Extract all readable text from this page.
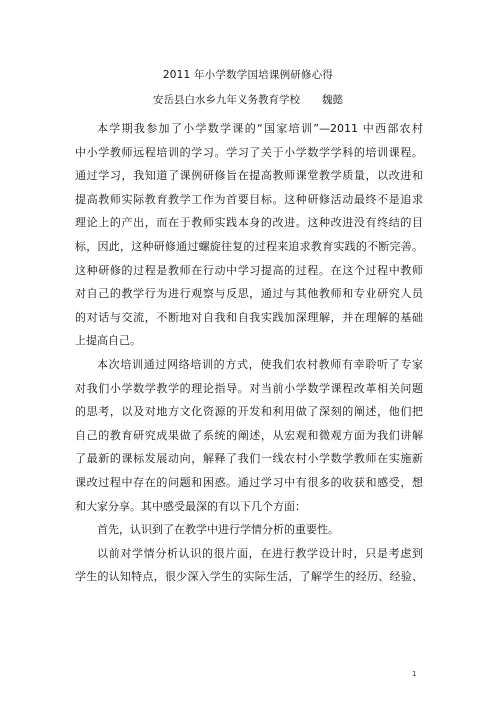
2011 年小学数学国培课例研修心得
安岳县白水乡九年义务教育学校 魏懿
本学期我参加了小学数学课的“国家培训”—2011 中西部农村
中小学教师远程培训的学习。学习了关于小学数学学科的培训课程。
通过学习，我知道了课例研修旨在提高教师课堂教学质量，以改进和
提高教师实际教育教学工作为首要目标。这种研修活动最终不是追求
理论上的产出，而在于教师实践本身的改进。这种改进没有终结的目
标，因此，这种研修通过螺旋往复的过程来追求教育实践的不断完善。
这种研修的过程是教师在行动中学习提高的过程。在这个过程中教师
对自己的教学行为进行观察与反思，通过与其他教师和专业研究人员
的对话与交流，不断地对自我和自我实践加深理解，并在理解的基础
上提高自己。
本次培训通过网络培训的方式，使我们农村教师有幸聆听了专家
对我们小学数学教学的理论指导。对当前小学数学课程改革相关问题
的思考，以及对地方文化资源的开发和利用做了深刻的阐述，他们把
自己的教育研究成果做了系统的阐述，从宏观和微观方面为我们讲解
了最新的课标发展动向，解释了我们一线农村小学数学教师在实施新
课改过程中存在的问题和困惑。通过学习中有很多的收获和感受，想
和大家分享。其中感受最深的有以下几个方面：
首先，认识到了在教学中进行学情分析的重要性。
以前对学情分析认识的很片面，在进行教学设计时，只是考虑到
学生的认知特点，很少深入学生的实际生活，了解学生的经历、经验、
1
